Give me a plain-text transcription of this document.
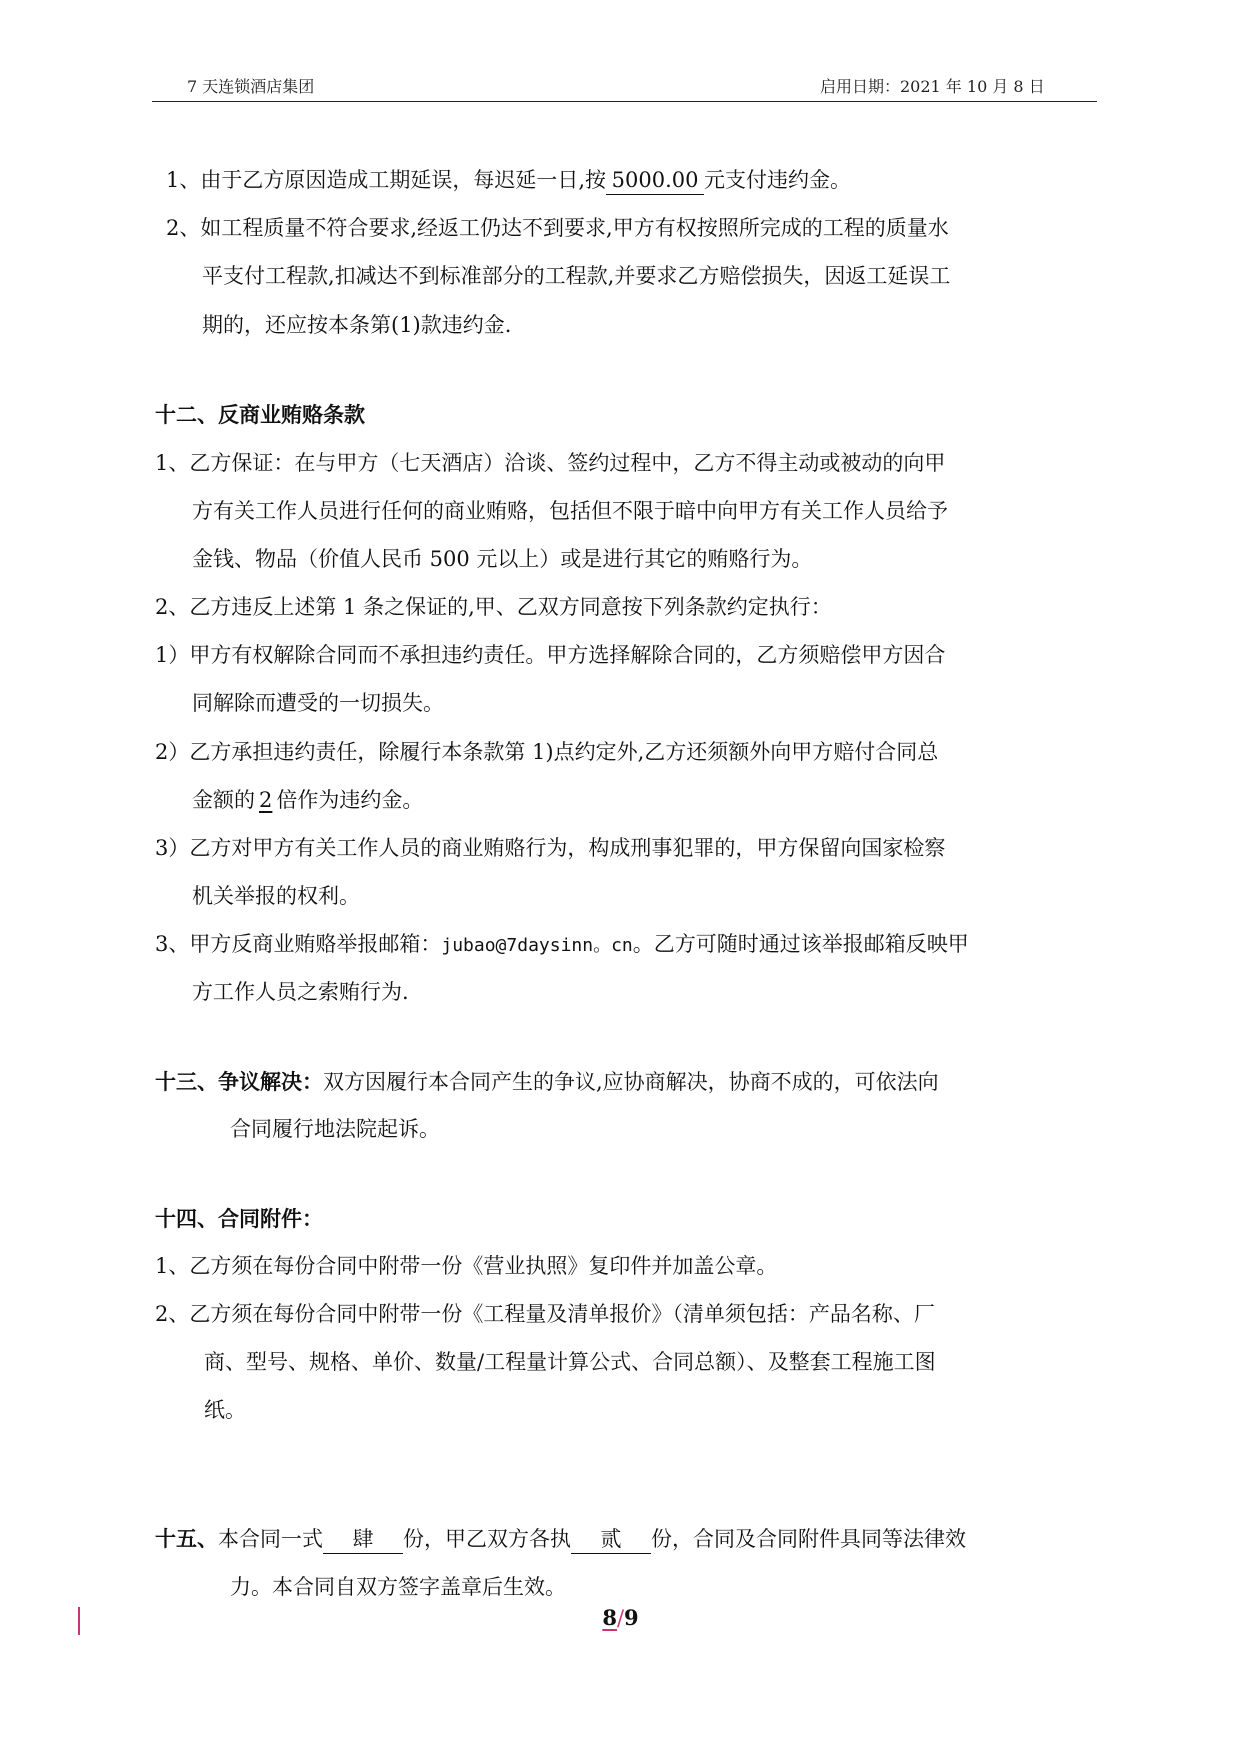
7 天连锁酒店集团	启用日期：2021 年 10 月 8 日

1、由于乙方原因造成工期延误，每迟延一日,按 5000.00 元支付违约金。

2、如工程质量不符合要求,经返工仍达不到要求,甲方有权按照所完成的工程的质量水

平支付工程款,扣减达不到标准部分的工程款,并要求乙方赔偿损失，因返工延误工

期的，还应按本条第(1)款违约金.

十二、反商业贿赂条款

1、乙方保证：在与甲方（七天酒店）洽谈、签约过程中，乙方不得主动或被动的向甲

方有关工作人员进行任何的商业贿赂，包括但不限于暗中向甲方有关工作人员给予

金钱、物品（价值人民币 500 元以上）或是进行其它的贿赂行为。

2、乙方违反上述第 1 条之保证的,甲、乙双方同意按下列条款约定执行：

1）甲方有权解除合同而不承担违约责任。甲方选择解除合同的，乙方须赔偿甲方因合

同解除而遭受的一切损失。

2）乙方承担违约责任，除履行本条款第 1)点约定外,乙方还须额外向甲方赔付合同总

金额的 2 倍作为违约金。

3）乙方对甲方有关工作人员的商业贿赂行为，构成刑事犯罪的，甲方保留向国家检察

机关举报的权利。

3、甲方反商业贿赂举报邮箱：jubao@7daysinn。cn。乙方可随时通过该举报邮箱反映甲

方工作人员之索贿行为.

十三、争议解决：双方因履行本合同产生的争议,应协商解决，协商不成的，可依法向

合同履行地法院起诉。

十四、合同附件：

1、乙方须在每份合同中附带一份《营业执照》复印件并加盖公章。

2、乙方须在每份合同中附带一份《工程量及清单报价》（清单须包括：产品名称、厂

商、型号、规格、单价、数量/工程量计算公式、合同总额）、及整套工程施工图

纸。

十五、本合同一式 肆 份，甲乙双方各执 贰 份，合同及合同附件具同等法律效

力。本合同自双方签字盖章后生效。

8/9
